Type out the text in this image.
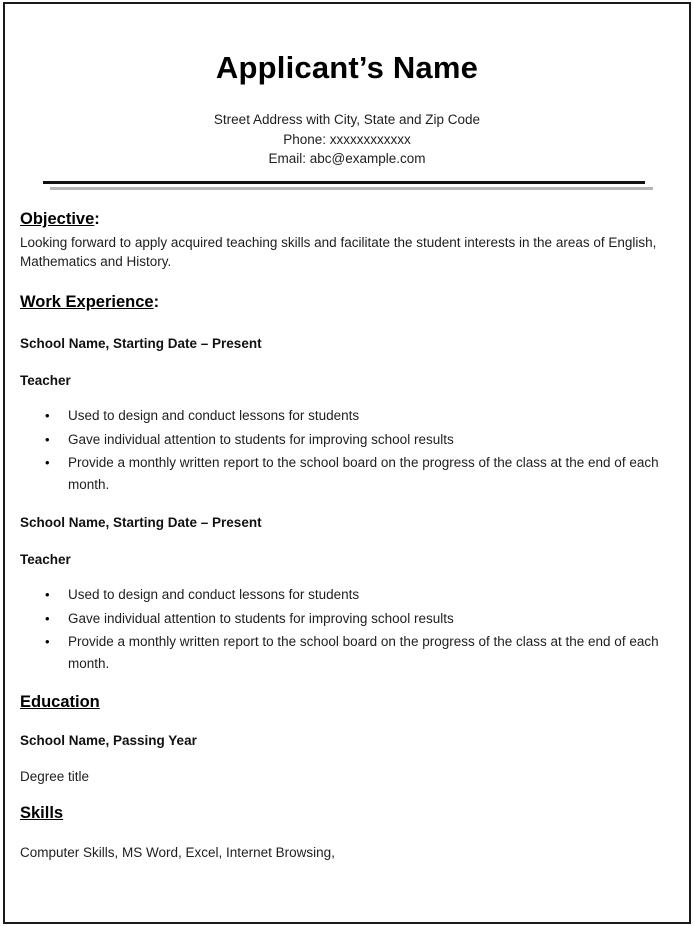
Applicant’s Name
Street Address with City, State and Zip Code
Phone: xxxxxxxxxxxx
Email: abc@example.com
Objective:
Looking forward to apply acquired teaching skills and facilitate the student interests in the areas of English, Mathematics and History.
Work Experience:
School Name, Starting Date – Present
Teacher
• Used to design and conduct lessons for students
• Gave individual attention to students for improving school results
• Provide a monthly written report to the school board on the progress of the class at the end of each month.
School Name, Starting Date – Present
Teacher
• Used to design and conduct lessons for students
• Gave individual attention to students for improving school results
• Provide a monthly written report to the school board on the progress of the class at the end of each month.
Education
School Name, Passing Year
Degree title
Skills
Computer Skills, MS Word, Excel, Internet Browsing,
